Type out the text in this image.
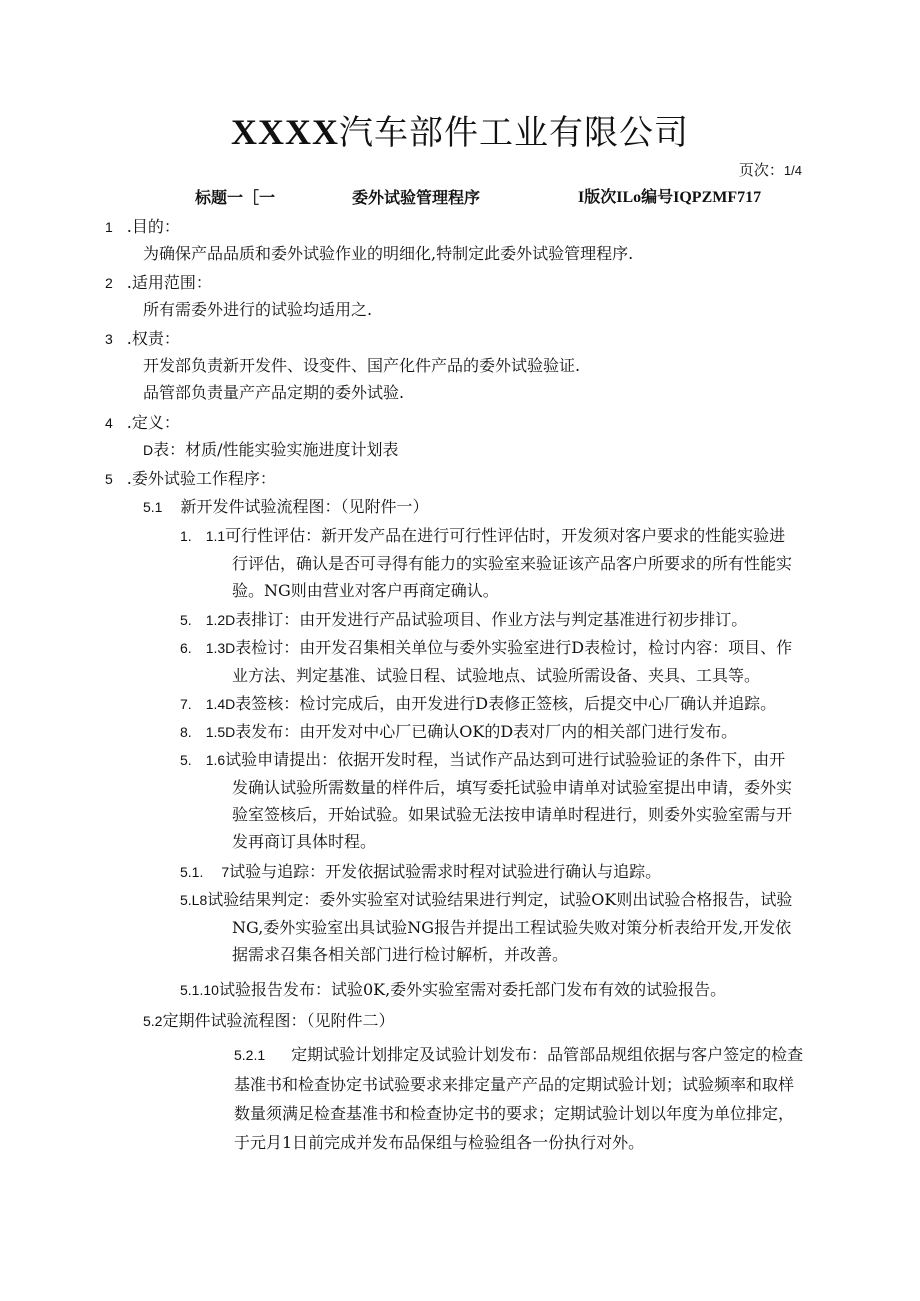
XXXX汽车部件工业有限公司
页次：1/4
标题一［一	委外试验管理程序	I版次ILo编号IQPZMF717
1 .目的：
为确保产品品质和委外试验作业的明细化,特制定此委外试验管理程序.
2 .适用范围：
所有需委外进行的试验均适用之.
3 .权责：
开发部负责新开发件、设变件、国产化件产品的委外试验验证.
品管部负责量产产品定期的委外试验.
4 .定义：
D表：材质/性能实验实施进度计划表
5 .委外试验工作程序：
5.1 新开发件试验流程图：（见附件一）
1. 1.1可行性评估：新开发产品在进行可行性评估时，开发须对客户要求的性能实验进
行评估，确认是否可寻得有能力的实验室来验证该产品客户所要求的所有性能实
验。NG则由营业对客户再商定确认。
5. 1.2D表排订：由开发进行产品试验项目、作业方法与判定基准进行初步排订。
6. 1.3D表检讨：由开发召集相关单位与委外实验室进行D表检讨，检讨内容：项目、作
业方法、判定基准、试验日程、试验地点、试验所需设备、夹具、工具等。
7. 1.4D表签核：检讨完成后，由开发进行D表修正签核，后提交中心厂确认并追踪。
8. 1.5D表发布：由开发对中心厂已确认OK的D表对厂内的相关部门进行发布。
5. 1.6试验申请提出：依据开发时程，当试作产品达到可进行试验验证的条件下，由开
发确认试验所需数量的样件后，填写委托试验申请单对试验室提出申请，委外实
验室签核后，开始试验。如果试验无法按申请单时程进行，则委外实验室需与开
发再商订具体时程。
5.1. 7试验与追踪：开发依据试验需求时程对试验进行确认与追踪。
5.L8试验结果判定：委外实验室对试验结果进行判定，试验OK则出试验合格报告，试验
NG,委外实验室出具试验NG报告并提出工程试验失败对策分析表给开发,开发依
据需求召集各相关部门进行检讨解析，并改善。
5.1.10试验报告发布：试验0K,委外实验室需对委托部门发布有效的试验报告。
5.2定期件试验流程图：（见附件二）
5.2.1 定期试验计划排定及试验计划发布：品管部品规组依据与客户签定的检查
基准书和检查协定书试验要求来排定量产产品的定期试验计划；试验频率和取样
数量须满足检查基准书和检查协定书的要求；定期试验计划以年度为单位排定，
于元月1日前完成并发布品保组与检验组各一份执行对外。
